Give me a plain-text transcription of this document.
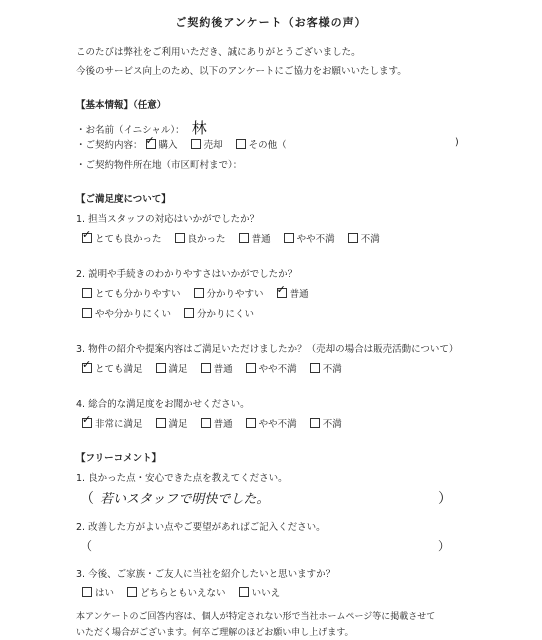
ご契約後アンケート（お客様の声）
このたびは弊社をご利用いただき、誠にありがとうございました。
今後のサービス向上のため、以下のアンケートにご協力をお願いいたします。
【基本情報】（任意）
・お名前（イニシャル）： 林
・ご契約内容： ✓ 購入	売却	その他（	)
・ご契約物件所在地（市区町村まで）：
【ご満足度について】
1. 担当スタッフの対応はいかがでしたか？
✓とても良かった	良かった	普通	やや不満	不満
2. 説明や手続きのわかりやすさはいかがでしたか？
とても分かりやすい	分かりやすい ✓	普通
やや分かりにくい	分かりにくい
3. 物件の紹介や提案内容はご満足いただけましたか？（売却の場合は販売活動について）
✓とても満足	満足	普通	やや不満	不満
4. 総合的な満足度をお聞かせください。
✓非常に満足	満足	普通	やや不満	不満
【フリーコメント】
1. 良かった点・安心できた点を教えてください。
（ 若いスタッフで明快でした。	）
2. 改善した方がよい点やご要望があればご記入ください。
（	）
3. 今後、ご家族・ご友人に当社を紹介したいと思いますか？
はい	どちらともいえない	いいえ
本アンケートのご回答内容は、個人が特定されない形で当社ホームページ等に掲載させて
いただく場合がございます。何卒ご理解のほどお願い申し上げます。
